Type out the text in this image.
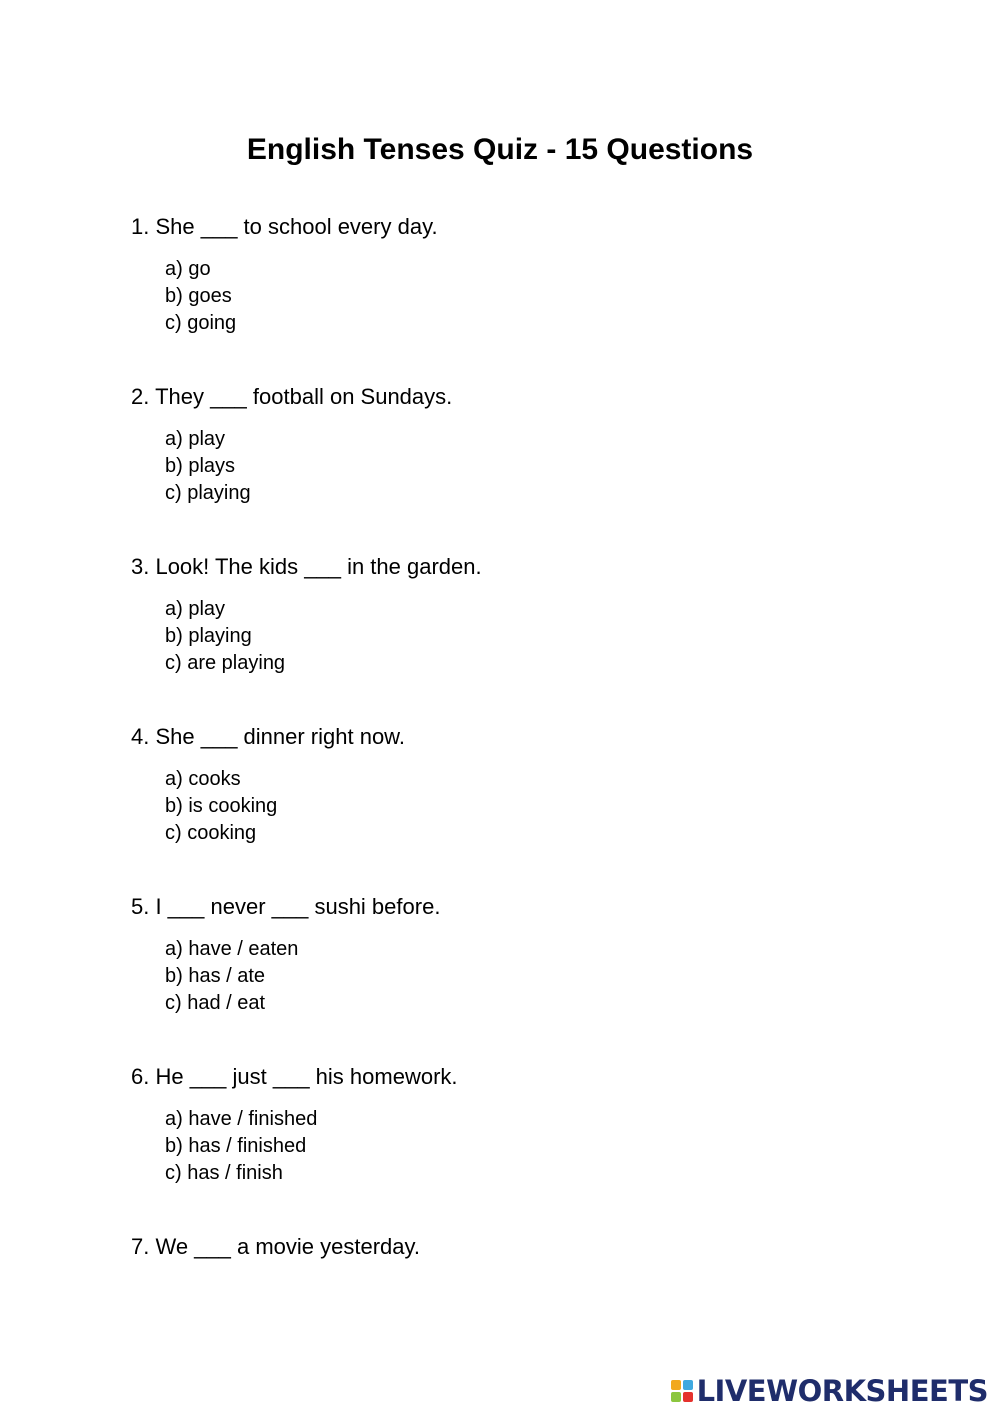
English Tenses Quiz - 15 Questions
1. She ___ to school every day.
a) go
b) goes
c) going
2. They ___ football on Sundays.
a) play
b) plays
c) playing
3. Look! The kids ___ in the garden.
a) play
b) playing
c) are playing
4. She ___ dinner right now.
a) cooks
b) is cooking
c) cooking
5. I ___ never ___ sushi before.
a) have / eaten
b) has / ate
c) had / eat
6. He ___ just ___ his homework.
a) have / finished
b) has / finished
c) has / finish
7. We ___ a movie yesterday.
LIVEWORKSHEETS
